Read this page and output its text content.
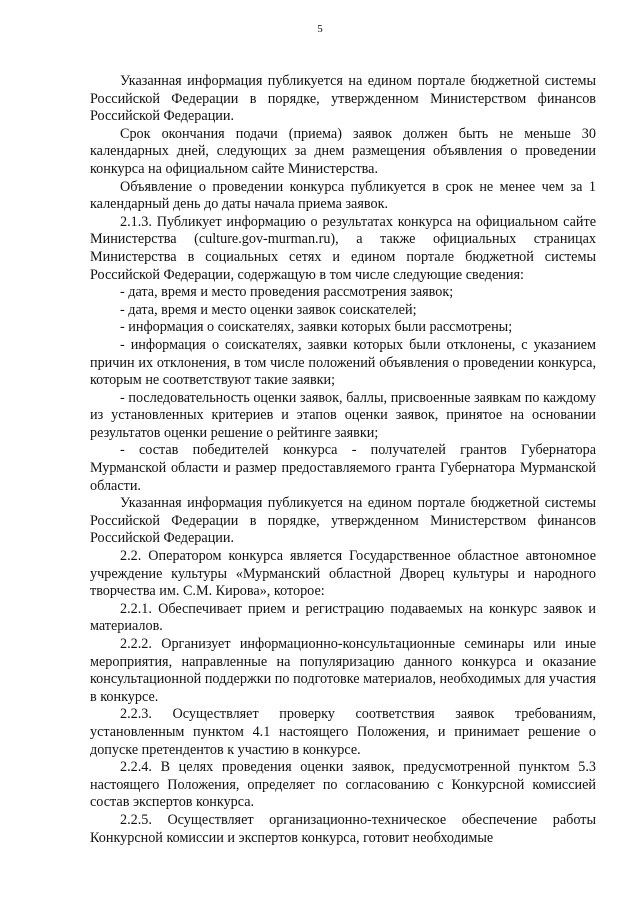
5

Указанная информация публикуется на едином портале бюджетной системы Российской Федерации в порядке, утвержденном Министерством финансов Российской Федерации.

Срок окончания подачи (приема) заявок должен быть не меньше 30 календарных дней, следующих за днем размещения объявления о проведении конкурса на официальном сайте Министерства.

Объявление о проведении конкурса публикуется в срок не менее чем за 1 календарный день до даты начала приема заявок.

2.1.3. Публикует информацию о результатах конкурса на официальном сайте Министерства (culture.gov-murman.ru), а также официальных страницах Министерства в социальных сетях и едином портале бюджетной системы Российской Федерации, содержащую в том числе следующие сведения:

- дата, время и место проведения рассмотрения заявок;

- дата, время и место оценки заявок соискателей;

- информация о соискателях, заявки которых были рассмотрены;

- информация о соискателях, заявки которых были отклонены, с указанием причин их отклонения, в том числе положений объявления о проведении конкурса, которым не соответствуют такие заявки;

- последовательность оценки заявок, баллы, присвоенные заявкам по каждому из установленных критериев и этапов оценки заявок, принятое на основании результатов оценки решение о рейтинге заявки;

- состав победителей конкурса - получателей грантов Губернатора Мурманской области и размер предоставляемого гранта Губернатора Мурманской области.

Указанная информация публикуется на едином портале бюджетной системы Российской Федерации в порядке, утвержденном Министерством финансов Российской Федерации.

2.2. Оператором конкурса является Государственное областное автономное учреждение культуры «Мурманский областной Дворец культуры и народного творчества им. С.М. Кирова», которое:

2.2.1. Обеспечивает прием и регистрацию подаваемых на конкурс заявок и материалов.

2.2.2. Организует информационно-консультационные семинары или иные мероприятия, направленные на популяризацию данного конкурса и оказание консультационной поддержки по подготовке материалов, необходимых для участия в конкурсе.

2.2.3. Осуществляет проверку соответствия заявок требованиям, установленным пунктом 4.1 настоящего Положения, и принимает решение о допуске претендентов к участию в конкурсе.

2.2.4. В целях проведения оценки заявок, предусмотренной пунктом 5.3 настоящего Положения, определяет по согласованию с Конкурсной комиссией состав экспертов конкурса.

2.2.5. Осуществляет организационно-техническое обеспечение работы Конкурсной комиссии и экспертов конкурса, готовит необходимые
